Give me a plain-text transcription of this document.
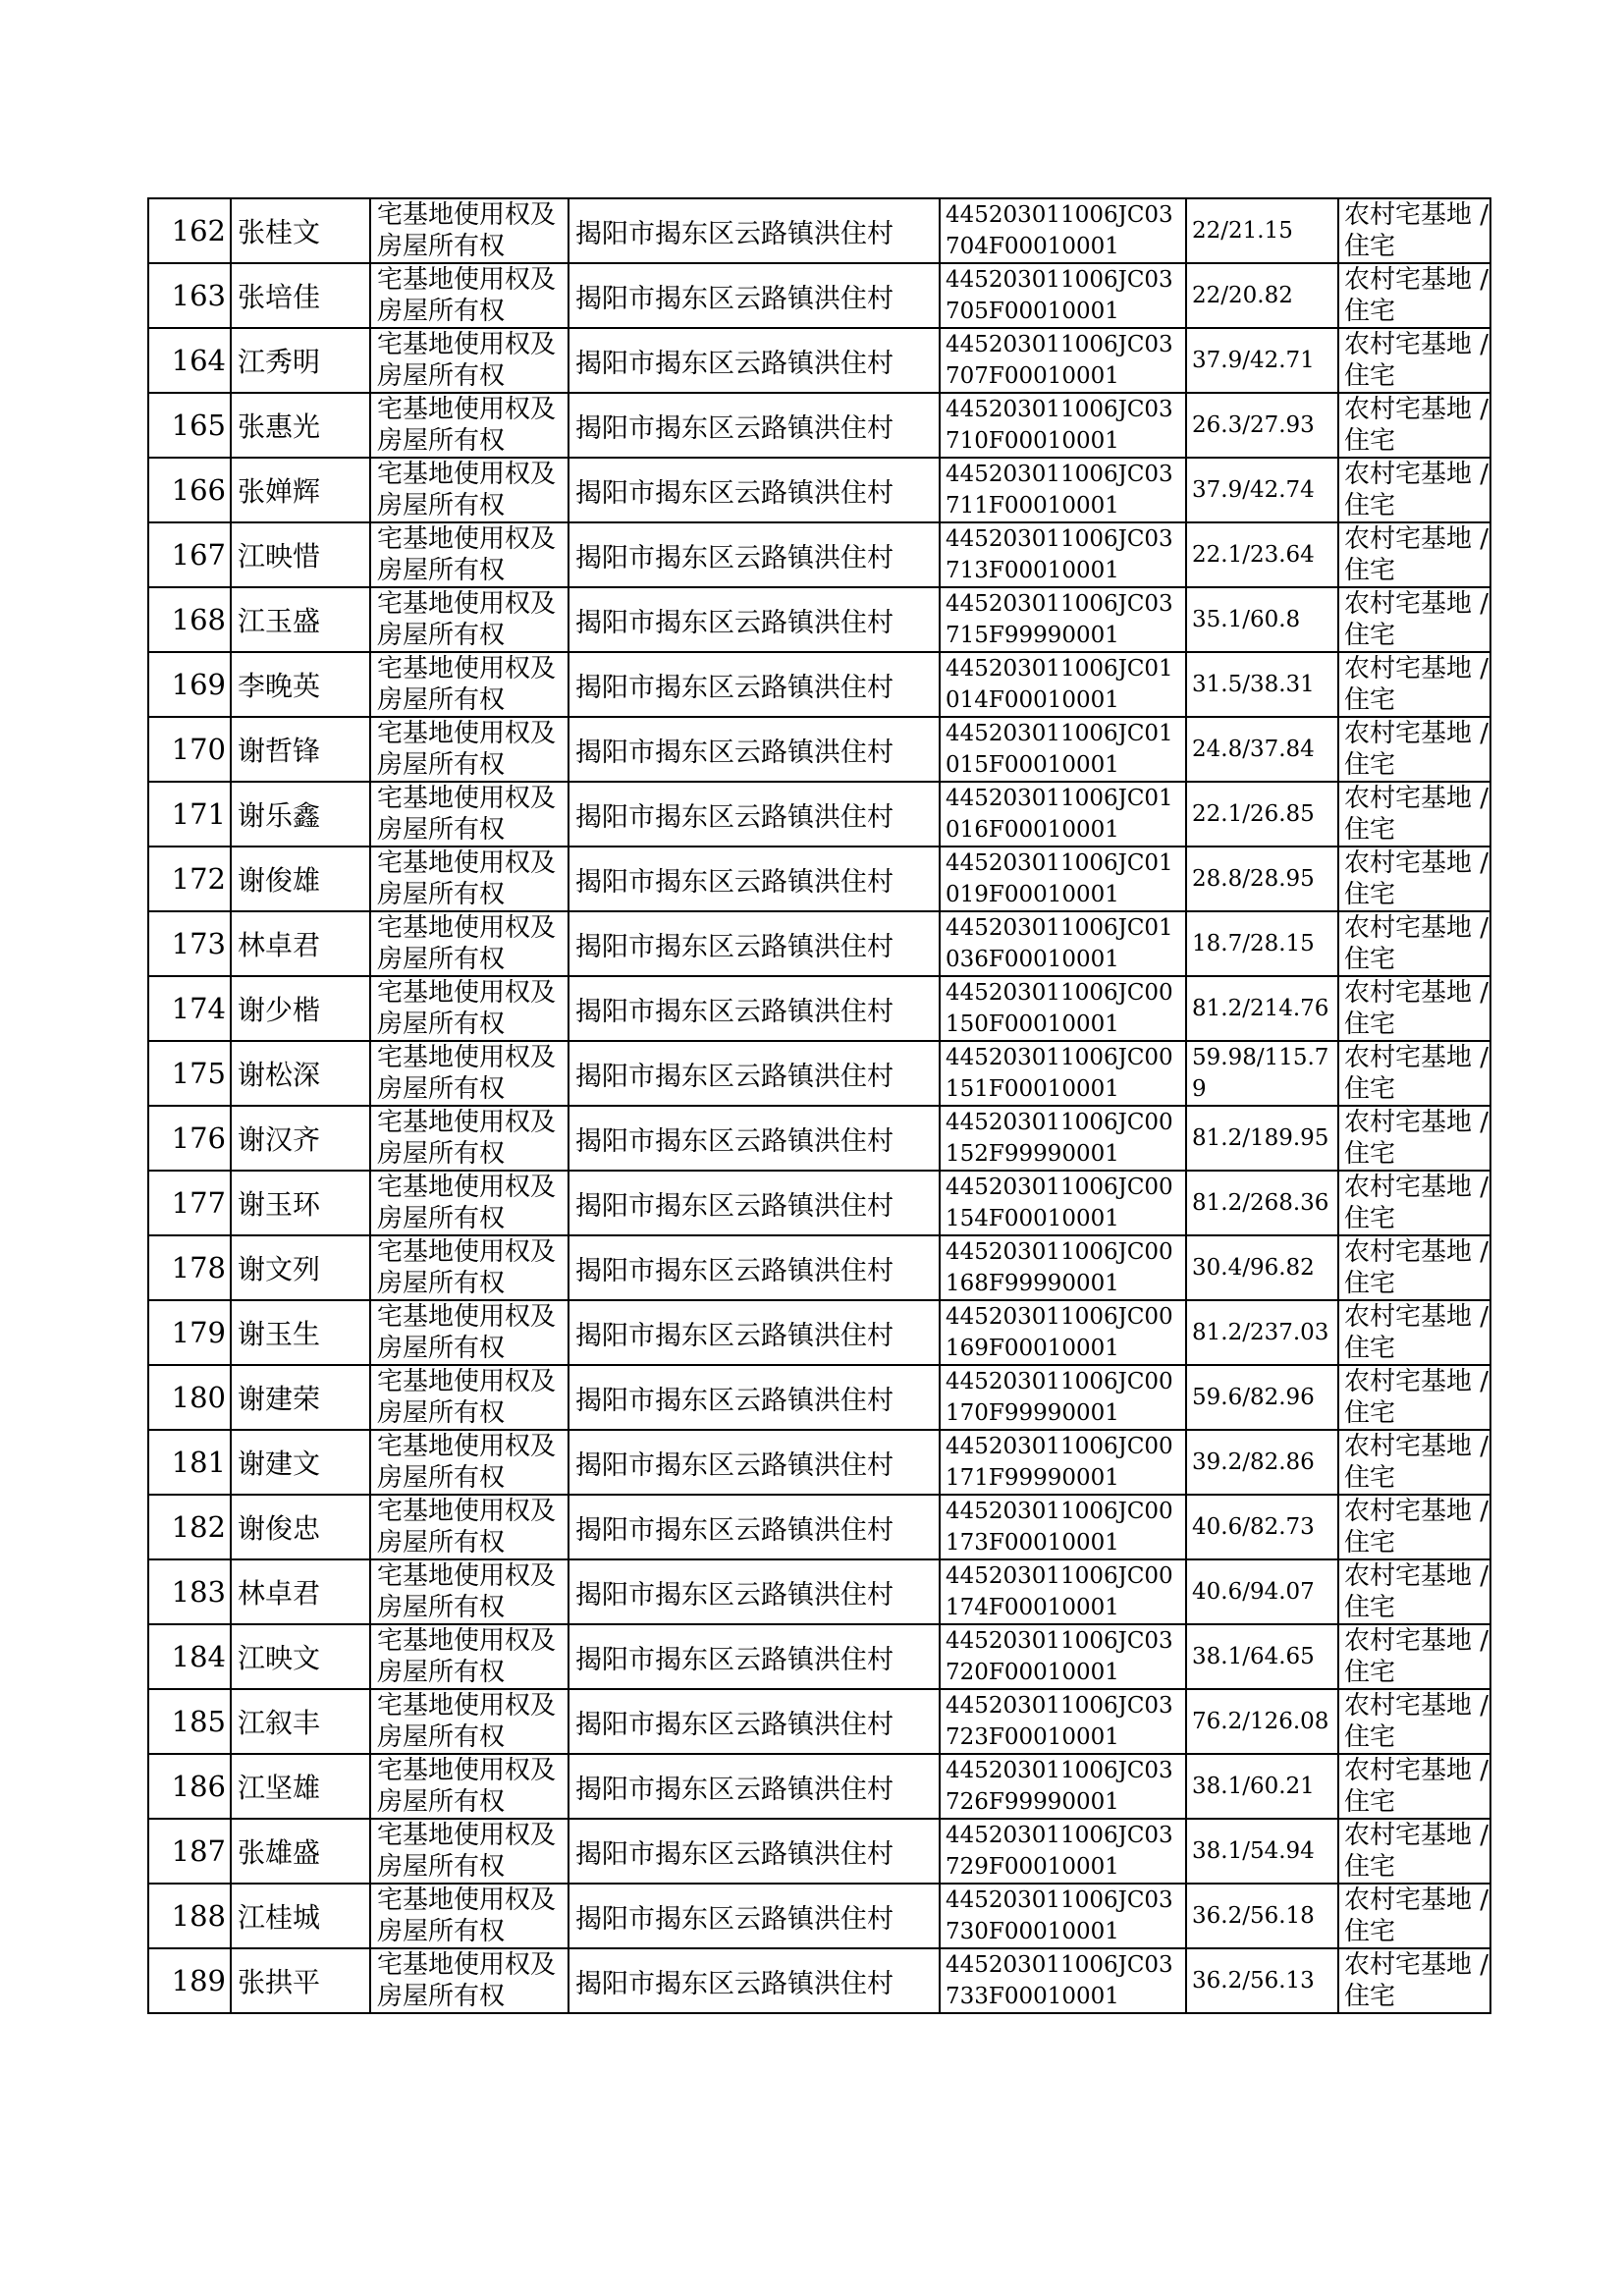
162	张桂文	宅基地使用权及房屋所有权	揭阳市揭东区云路镇洪住村	445203011006JC03704F00010001	22/21.15	农村宅基地 / 住宅

163	张培佳	宅基地使用权及房屋所有权	揭阳市揭东区云路镇洪住村	445203011006JC03705F00010001	22/20.82	农村宅基地 / 住宅

164	江秀明	宅基地使用权及房屋所有权	揭阳市揭东区云路镇洪住村	445203011006JC03707F00010001	37.9/42.71	农村宅基地 / 住宅

165	张惠光	宅基地使用权及房屋所有权	揭阳市揭东区云路镇洪住村	445203011006JC03710F00010001	26.3/27.93	农村宅基地 / 住宅

166	张婵辉	宅基地使用权及房屋所有权	揭阳市揭东区云路镇洪住村	445203011006JC03711F00010001	37.9/42.74	农村宅基地 / 住宅

167	江映惜	宅基地使用权及房屋所有权	揭阳市揭东区云路镇洪住村	445203011006JC03713F00010001	22.1/23.64	农村宅基地 / 住宅

168	江玉盛	宅基地使用权及房屋所有权	揭阳市揭东区云路镇洪住村	445203011006JC03715F99990001	35.1/60.8	农村宅基地 / 住宅

169	李晚英	宅基地使用权及房屋所有权	揭阳市揭东区云路镇洪住村	445203011006JC01014F00010001	31.5/38.31	农村宅基地 / 住宅

170	谢哲锋	宅基地使用权及房屋所有权	揭阳市揭东区云路镇洪住村	445203011006JC01015F00010001	24.8/37.84	农村宅基地 / 住宅

171	谢乐鑫	宅基地使用权及房屋所有权	揭阳市揭东区云路镇洪住村	445203011006JC01016F00010001	22.1/26.85	农村宅基地 / 住宅

172	谢俊雄	宅基地使用权及房屋所有权	揭阳市揭东区云路镇洪住村	445203011006JC01019F00010001	28.8/28.95	农村宅基地 / 住宅

173	林卓君	宅基地使用权及房屋所有权	揭阳市揭东区云路镇洪住村	445203011006JC01036F00010001	18.7/28.15	农村宅基地 / 住宅

174	谢少楷	宅基地使用权及房屋所有权	揭阳市揭东区云路镇洪住村	445203011006JC00150F00010001	81.2/214.76	农村宅基地 / 住宅

175	谢松深	宅基地使用权及房屋所有权	揭阳市揭东区云路镇洪住村	445203011006JC00151F00010001	59.98/115.79	农村宅基地 / 住宅

176	谢汉齐	宅基地使用权及房屋所有权	揭阳市揭东区云路镇洪住村	445203011006JC00152F99990001	81.2/189.95	农村宅基地 / 住宅

177	谢玉环	宅基地使用权及房屋所有权	揭阳市揭东区云路镇洪住村	445203011006JC00154F00010001	81.2/268.36	农村宅基地 / 住宅

178	谢文列	宅基地使用权及房屋所有权	揭阳市揭东区云路镇洪住村	445203011006JC00168F99990001	30.4/96.82	农村宅基地 / 住宅

179	谢玉生	宅基地使用权及房屋所有权	揭阳市揭东区云路镇洪住村	445203011006JC00169F00010001	81.2/237.03	农村宅基地 / 住宅

180	谢建荣	宅基地使用权及房屋所有权	揭阳市揭东区云路镇洪住村	445203011006JC00170F99990001	59.6/82.96	农村宅基地 / 住宅

181	谢建文	宅基地使用权及房屋所有权	揭阳市揭东区云路镇洪住村	445203011006JC00171F99990001	39.2/82.86	农村宅基地 / 住宅

182	谢俊忠	宅基地使用权及房屋所有权	揭阳市揭东区云路镇洪住村	445203011006JC00173F00010001	40.6/82.73	农村宅基地 / 住宅

183	林卓君	宅基地使用权及房屋所有权	揭阳市揭东区云路镇洪住村	445203011006JC00174F00010001	40.6/94.07	农村宅基地 / 住宅

184	江映文	宅基地使用权及房屋所有权	揭阳市揭东区云路镇洪住村	445203011006JC03720F00010001	38.1/64.65	农村宅基地 / 住宅

185	江叙丰	宅基地使用权及房屋所有权	揭阳市揭东区云路镇洪住村	445203011006JC03723F00010001	76.2/126.08	农村宅基地 / 住宅

186	江坚雄	宅基地使用权及房屋所有权	揭阳市揭东区云路镇洪住村	445203011006JC03726F99990001	38.1/60.21	农村宅基地 / 住宅

187	张雄盛	宅基地使用权及房屋所有权	揭阳市揭东区云路镇洪住村	445203011006JC03729F00010001	38.1/54.94	农村宅基地 / 住宅

188	江桂城	宅基地使用权及房屋所有权	揭阳市揭东区云路镇洪住村	445203011006JC03730F00010001	36.2/56.18	农村宅基地 / 住宅

189	张拱平	宅基地使用权及房屋所有权	揭阳市揭东区云路镇洪住村	445203011006JC03733F00010001	36.2/56.13	农村宅基地 / 住宅
